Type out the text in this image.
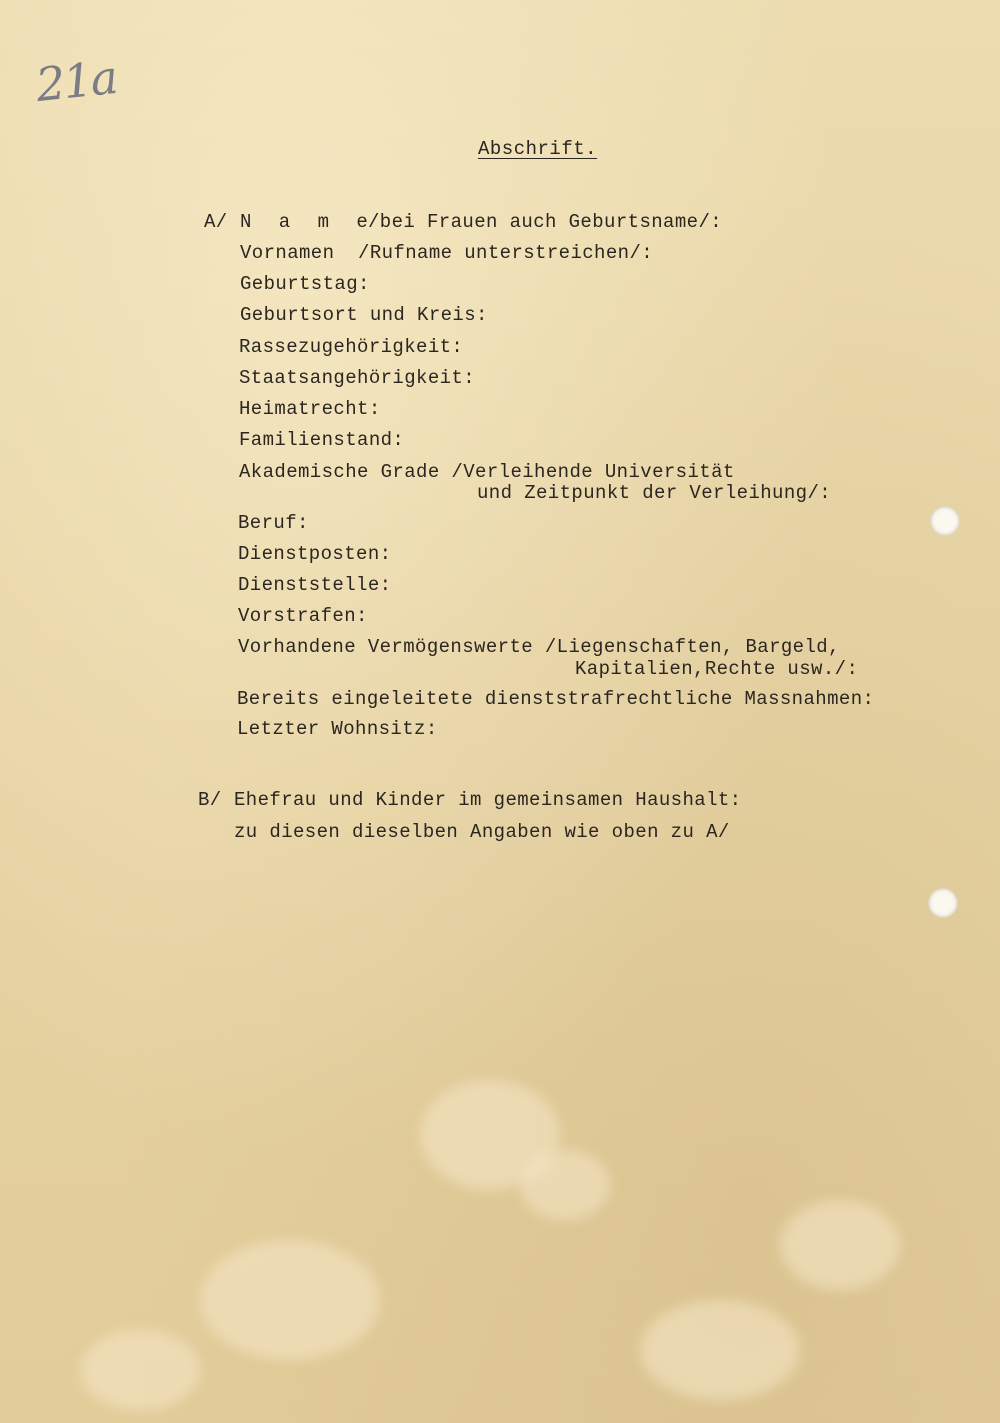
21a
Abschrift.
A/ N a m e
/bei Frauen auch Geburtsname/:
Vornamen  /Rufname unterstreichen/:
Geburtstag:
Geburtsort und Kreis:
Rassezugehörigkeit:
Staatsangehörigkeit:
Heimatrecht:
Familienstand:
Akademische Grade /Verleihende Universität
und Zeitpunkt der Verleihung/:
Beruf:
Dienstposten:
Dienststelle:
Vorstrafen:
Vorhandene Vermögenswerte /Liegenschaften, Bargeld,
Kapitalien,Rechte usw./:
Bereits eingeleitete dienststrafrechtliche Massnahmen:
Letzter Wohnsitz:
B/ Ehefrau und Kinder im gemeinsamen Haushalt:
zu diesen dieselben Angaben wie oben zu A/
